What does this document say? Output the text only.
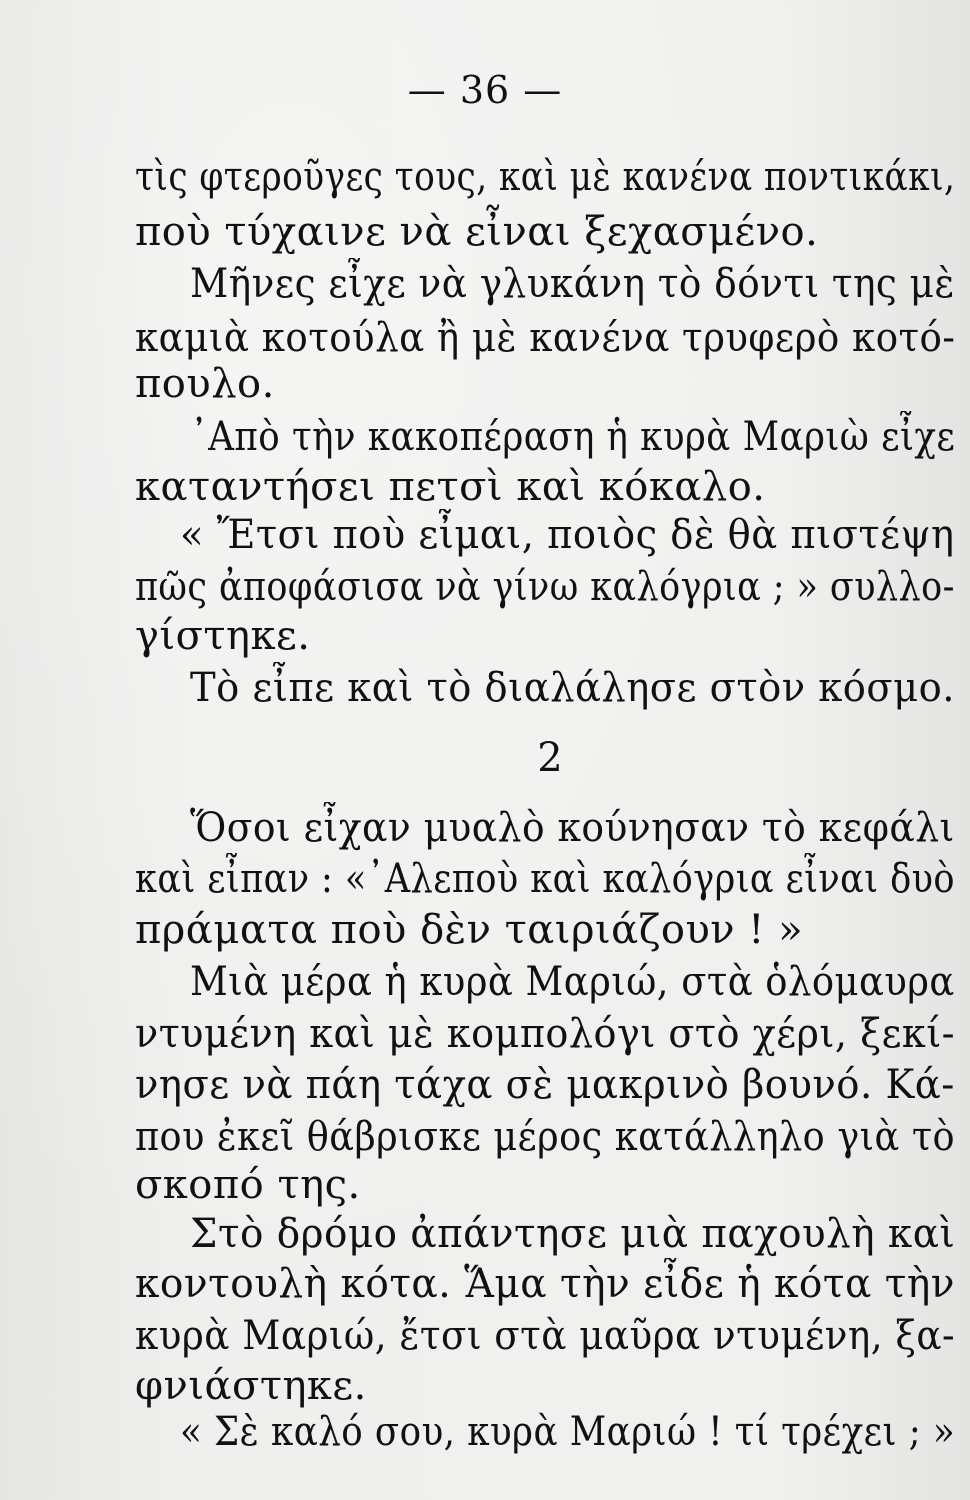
— 36 —
τὶς φτεροῦγες τους, καὶ μὲ κανένα ποντικάκι,
ποὺ τύχαινε νὰ εἶναι ξεχασμένο.
Μῆνες εἶχε νὰ γλυκάνη τὸ δόντι της μὲ
καμιὰ κοτούλα ἢ μὲ κανένα τρυφερὸ κοτό-
πουλο.
᾿Απὸ τὴν κακοπέραση ἡ κυρὰ Μαριὼ εἶχε
καταντήσει πετσὶ καὶ κόκαλο.
« Ἔτσι ποὺ εἶμαι, ποιὸς δὲ θὰ πιστέψη
πῶς ἀποφάσισα νὰ γίνω καλόγρια ; » συλλο-
γίστηκε.
Τὸ εἶπε καὶ τὸ διαλάλησε στὸν κόσμο.
2
Ὅσοι εἶχαν μυαλὸ κούνησαν τὸ κεφάλι
καὶ εἶπαν : «᾿Αλεποὺ καὶ καλόγρια εἶναι δυὸ
πράματα ποὺ δὲν ταιριάζουν ! »
Μιὰ μέρα ἡ κυρὰ Μαριώ, στὰ ὁλόμαυρα
ντυμένη καὶ μὲ κομπολόγι στὸ χέρι, ξεκί-
νησε νὰ πάη τάχα σὲ μακρινὸ βουνό. Κά-
που ἐκεῖ θάβρισκε μέρος κατάλληλο γιὰ τὸ
σκοπό της.
Στὸ δρόμο ἀπάντησε μιὰ παχουλὴ καὶ
κοντουλὴ κότα. Ἅμα τὴν εἶδε ἡ κότα τὴν
κυρὰ Μαριώ, ἔτσι στὰ μαῦρα ντυμένη, ξα-
φνιάστηκε.
« Σὲ καλό σου, κυρὰ Μαριώ ! τί τρέχει ; »
